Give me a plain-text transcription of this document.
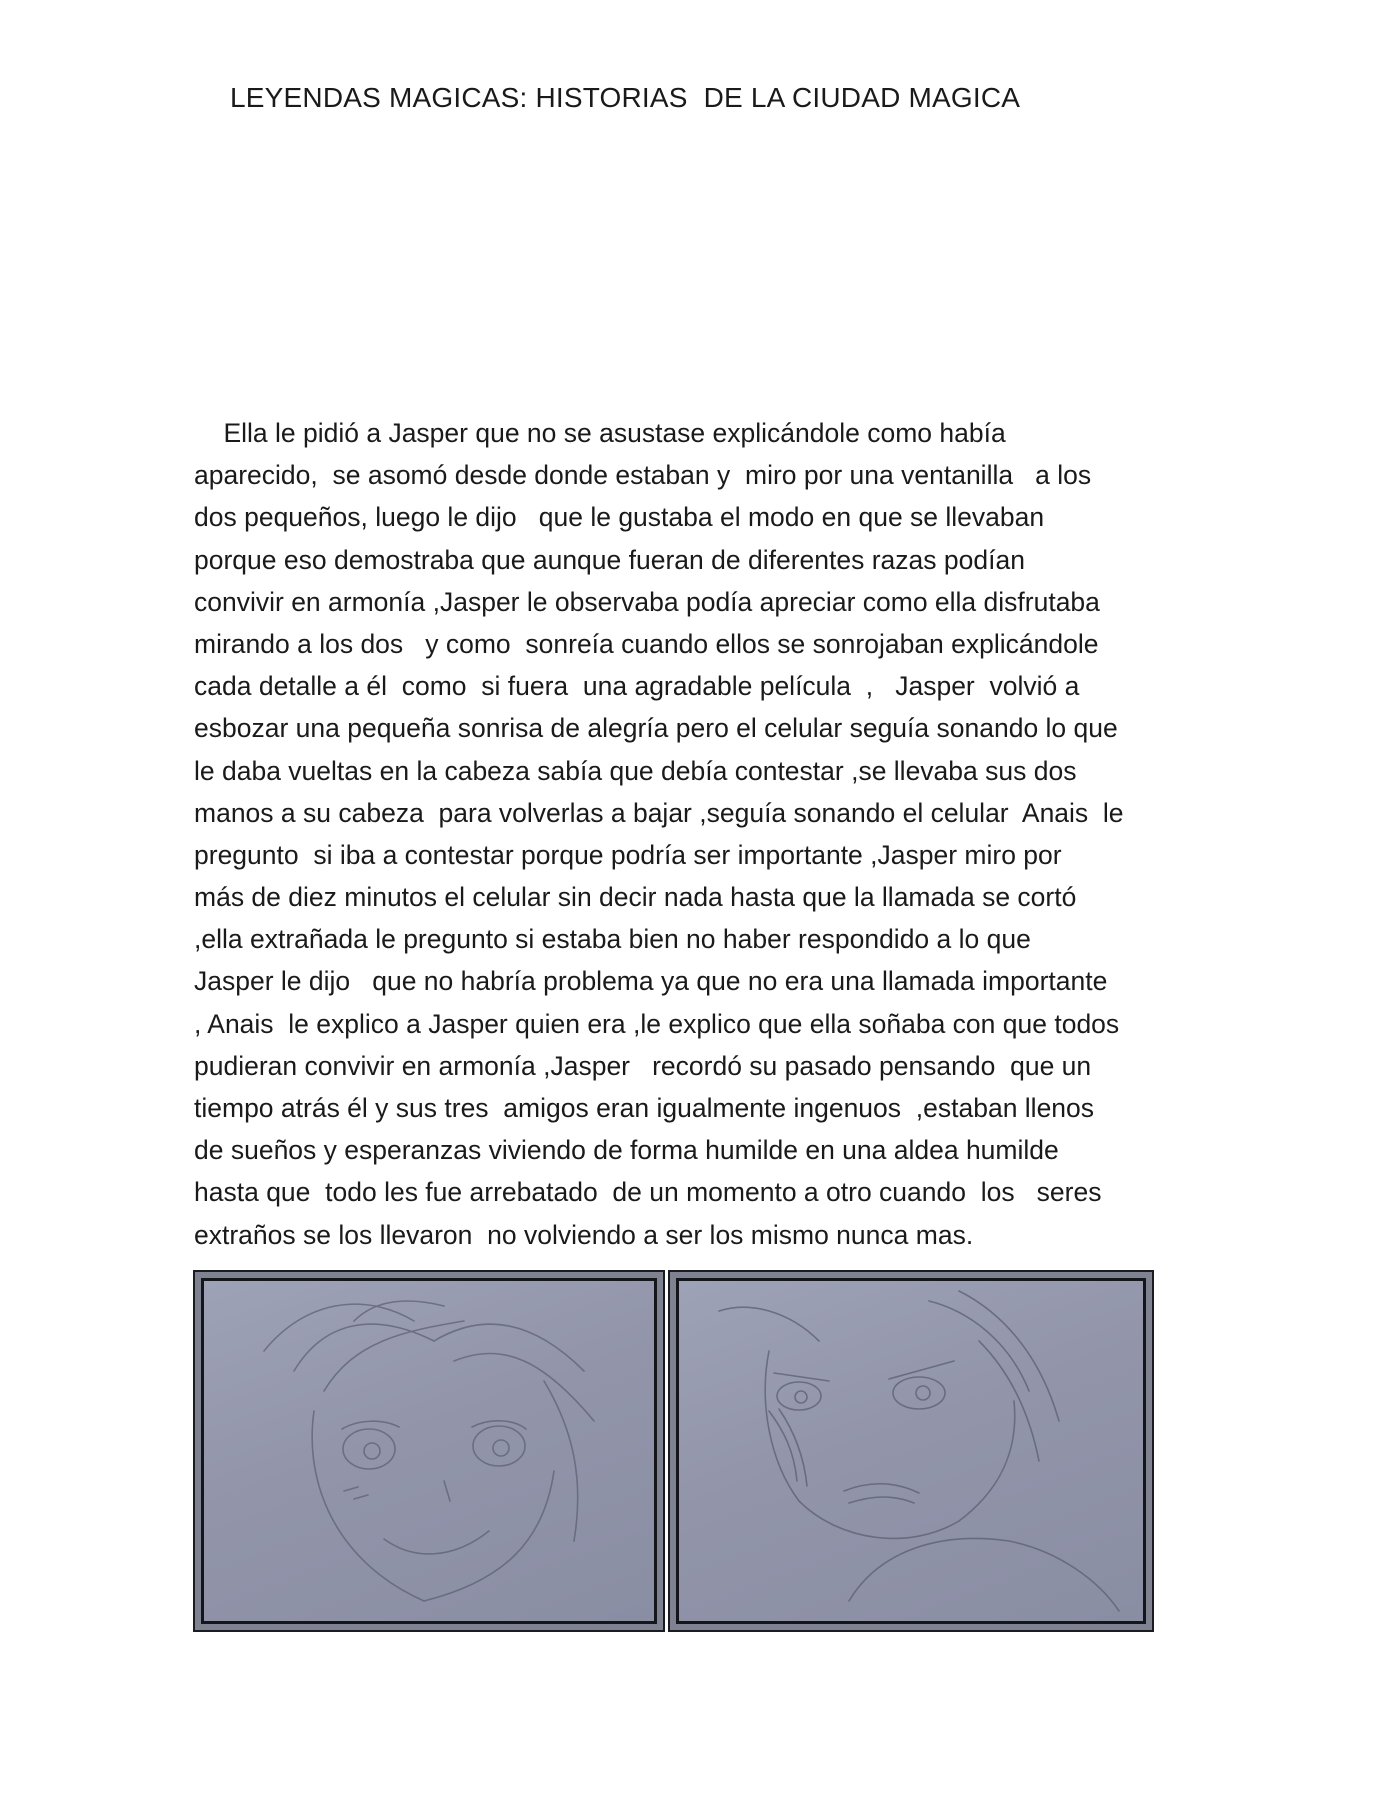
LEYENDAS MAGICAS: HISTORIAS  DE LA CIUDAD MAGICA
Ella le pidió a Jasper que no se asustase explicándole como había
aparecido,  se asomó desde donde estaban y  miro por una ventanilla   a los
dos pequeños, luego le dijo   que le gustaba el modo en que se llevaban
porque eso demostraba que aunque fueran de diferentes razas podían
convivir en armonía ,Jasper le observaba podía apreciar como ella disfrutaba
mirando a los dos   y como  sonreía cuando ellos se sonrojaban explicándole
cada detalle a él  como  si fuera  una agradable película  ,   Jasper  volvió a
esbozar una pequeña sonrisa de alegría pero el celular seguía sonando lo que
le daba vueltas en la cabeza sabía que debía contestar ,se llevaba sus dos
manos a su cabeza  para volverlas a bajar ,seguía sonando el celular  Anais  le
pregunto  si iba a contestar porque podría ser importante ,Jasper miro por
más de diez minutos el celular sin decir nada hasta que la llamada se cortó
,ella extrañada le pregunto si estaba bien no haber respondido a lo que
Jasper le dijo   que no habría problema ya que no era una llamada importante
, Anais  le explico a Jasper quien era ,le explico que ella soñaba con que todos
pudieran convivir en armonía ,Jasper   recordó su pasado pensando  que un
tiempo atrás él y sus tres  amigos eran igualmente ingenuos  ,estaban llenos
de sueños y esperanzas viviendo de forma humilde en una aldea humilde
hasta que  todo les fue arrebatado  de un momento a otro cuando  los   seres
extraños se los llevaron  no volviendo a ser los mismo nunca mas.
